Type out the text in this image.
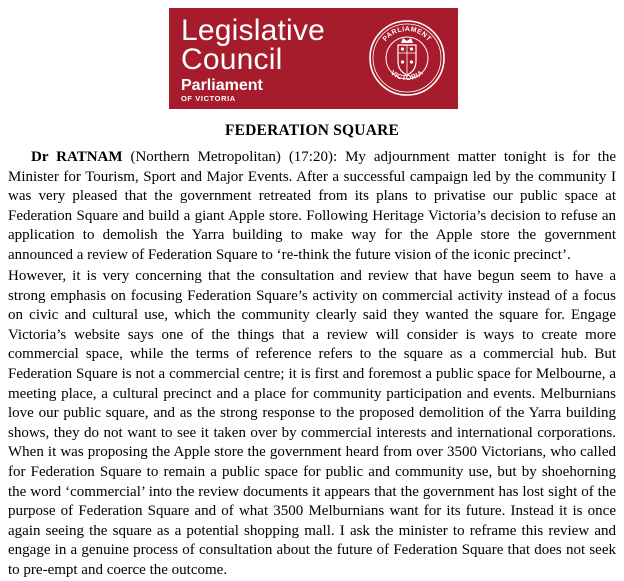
Legislative
Council
Parliament
OF VICTORIA
PARLIAMENT
VICTORIA
FEDERATION SQUARE

Dr RATNAM (Northern Metropolitan) (17:20): My adjournment matter tonight is for the Minister for Tourism, Sport and Major Events. After a successful campaign led by the community I was very pleased that the government retreated from its plans to privatise our public space at Federation Square and build a giant Apple store. Following Heritage Victoria’s decision to refuse an application to demolish the Yarra building to make way for the Apple store the government announced a review of Federation Square to ‘re-think the future vision of the iconic precinct’.

However, it is very concerning that the consultation and review that have begun seem to have a strong emphasis on focusing Federation Square’s activity on commercial activity instead of a focus on civic and cultural use, which the community clearly said they wanted the square for. Engage Victoria’s website says one of the things that a review will consider is ways to create more commercial space, while the terms of reference refers to the square as a commercial hub. But Federation Square is not a commercial centre; it is first and foremost a public space for Melbourne, a meeting place, a cultural precinct and a place for community participation and events. Melburnians love our public square, and as the strong response to the proposed demolition of the Yarra building shows, they do not want to see it taken over by commercial interests and international corporations. When it was proposing the Apple store the government heard from over 3500 Victorians, who called for Federation Square to remain a public space for public and community use, but by shoehorning the word ‘commercial’ into the review documents it appears that the government has lost sight of the purpose of Federation Square and of what 3500 Melburnians want for its future. Instead it is once again seeing the square as a potential shopping mall. I ask the minister to reframe this review and engage in a genuine process of consultation about the future of Federation Square that does not seek to pre-empt and coerce the outcome.
